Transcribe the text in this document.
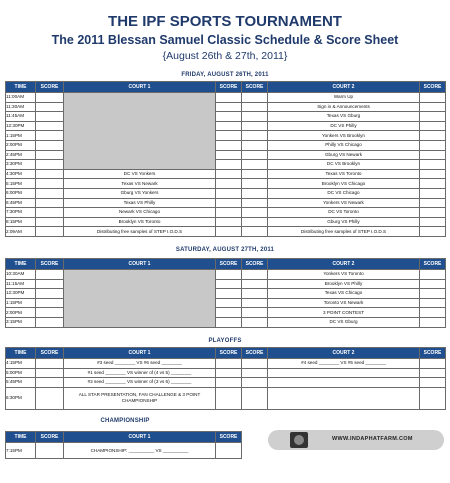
THE IPF SPORTS TOURNAMENT
The 2011 Blessan Samuel Classic Schedule & Score Sheet
{August 26th & 27th, 2011}
FRIDAY, AUGUST 26TH, 2011
TIME	SCORE	COURT 1	SCORE	SCORE	COURT 2	SCORE
11:00AM					Warm Up	
11:30AM					Sign in & Announcements	
11:45AM					Texas VS Gburg	
12:30PM					DC VS Philly	
1:15PM					Yonkers VS Brooklyn	
2:00PM					Philly VS Chicago	
2:45PM					Gburg VS Newark	
3:30PM					DC VS Brooklyn	
4:30PM		DC VS Yonkers			Texas VS Toronto	
5:15PM		Texas VS Newark			Brooklyn VS Chicago	
6:00PM		Gburg VS Yonkers			DC VS Chicago	
6:45PM		Texas VS Philly			Yonkers VS Newark	
7:30PM		Newark VS Chicago			DC VS Toronto	
8:15PM		Brooklyn VS Toronto			Gburg VS Philly	
2:09AM		Distributing free samples of STEP I.O.D.S			Distributing free samples of STEP I.O.D.S	
SATURDAY, AUGUST 27TH, 2011
TIME	SCORE	COURT 1	SCORE	SCORE	COURT 2	SCORE
10:30AM					Yonkers VS Toronto	
11:15AM					Brooklyn VS Philly	
12:30PM					Texas VS Chicago	
1:15PM					Toronto VS Newark	
2:00PM					3 POINT CONTEST	
3:15PM					DC VS Gburg	
PLAYOFFS
TIME	SCORE	COURT 1	SCORE	SCORE	COURT 2	SCORE
4:15PM		#3 seed ________ VS #6 seed ________			#4 seed ________ VS #5 seed ________	
5:00PM		#1 seed ________ VS winner of (4 vs 5) ________				
5:45PM		#2 seed ________ VS winner of (3 vs 6) ________				
6:30PM		ALL STAR PRESENTATION, FAN CHALLENGE & 3 POINT CHAMPIONSHIP				
CHAMPIONSHIP
TIME	SCORE	COURT 1	SCORE
7:15PM		CHAMPIONSHIP: __________ VS __________	
WWW.INDAPHATFARM.COM
